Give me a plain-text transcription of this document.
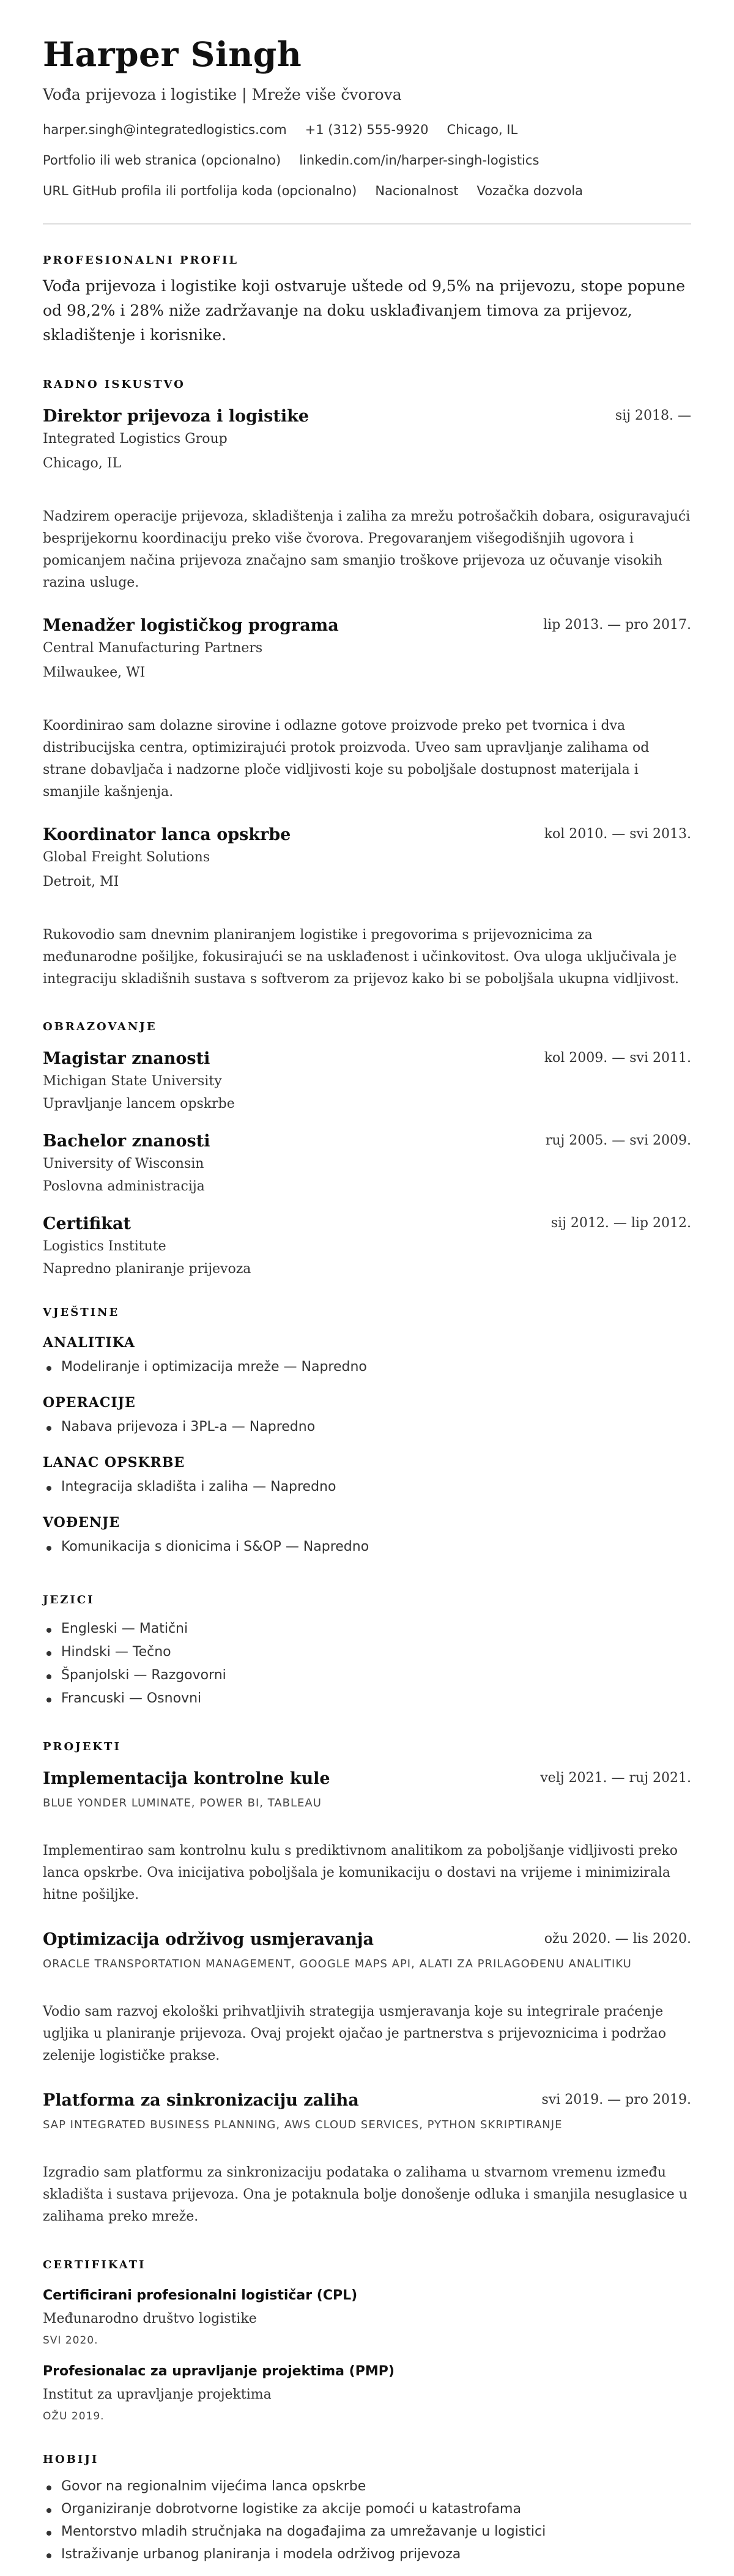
Harper Singh
Vođa prijevoza i logistike | Mreže više čvorova
harper.singh@integratedlogistics.com +1 (312) 555-9920 Chicago, IL
Portfolio ili web stranica (opcionalno) linkedin.com/in/harper-singh-logistics
URL GitHub profila ili portfolija koda (opcionalno) Nacionalnost Vozačka dozvola
PROFESIONALNI PROFIL
Vođa prijevoza i logistike koji ostvaruje uštede od 9,5% na prijevozu, stope popune od 98,2% i 28% niže zadržavanje na doku usklađivanjem timova za prijevoz, skladištenje i korisnike.
RADNO ISKUSTVO
Direktor prijevoza i logistike	sij 2018. —
Integrated Logistics Group
Chicago, IL
Nadzirem operacije prijevoza, skladištenja i zaliha za mrežu potrošačkih dobara, osiguravajući besprijekornu koordinaciju preko više čvorova. Pregovaranjem višegodišnjih ugovora i pomicanjem načina prijevoza značajno sam smanjio troškove prijevoza uz očuvanje visokih razina usluge.
Menadžer logističkog programa	lip 2013. — pro 2017.
Central Manufacturing Partners
Milwaukee, WI
Koordinirao sam dolazne sirovine i odlazne gotove proizvode preko pet tvornica i dva distribucijska centra, optimizirajući protok proizvoda. Uveo sam upravljanje zalihama od strane dobavljača i nadzorne ploče vidljivosti koje su poboljšale dostupnost materijala i smanjile kašnjenja.
Koordinator lanca opskrbe	kol 2010. — svi 2013.
Global Freight Solutions
Detroit, MI
Rukovodio sam dnevnim planiranjem logistike i pregovorima s prijevoznicima za međunarodne pošiljke, fokusirajući se na usklađenost i učinkovitost. Ova uloga uključivala je integraciju skladišnih sustava s softverom za prijevoz kako bi se poboljšala ukupna vidljivost.
OBRAZOVANJE
Magistar znanosti	kol 2009. — svi 2011.
Michigan State University
Upravljanje lancem opskrbe
Bachelor znanosti	ruj 2005. — svi 2009.
University of Wisconsin
Poslovna administracija
Certifikat	sij 2012. — lip 2012.
Logistics Institute
Napredno planiranje prijevoza
VJEŠTINE
ANALITIKA
Modeliranje i optimizacija mreže — Napredno
OPERACIJE
Nabava prijevoza i 3PL-a — Napredno
LANAC OPSKRBE
Integracija skladišta i zaliha — Napredno
VOĐENJE
Komunikacija s dionicima i S&OP — Napredno
JEZICI
Engleski — Matični
Hindski — Tečno
Španjolski — Razgovorni
Francuski — Osnovni
PROJEKTI
Implementacija kontrolne kule	velj 2021. — ruj 2021.
BLUE YONDER LUMINATE, POWER BI, TABLEAU
Implementirao sam kontrolnu kulu s prediktivnom analitikom za poboljšanje vidljivosti preko lanca opskrbe. Ova inicijativa poboljšala je komunikaciju o dostavi na vrijeme i minimizirala hitne pošiljke.
Optimizacija održivog usmjeravanja	ožu 2020. — lis 2020.
ORACLE TRANSPORTATION MANAGEMENT, GOOGLE MAPS API, ALATI ZA PRILAGOĐENU ANALITIKU
Vodio sam razvoj ekološki prihvatljivih strategija usmjeravanja koje su integrirale praćenje ugljika u planiranje prijevoza. Ovaj projekt ojačao je partnerstva s prijevoznicima i podržao zelenije logističke prakse.
Platforma za sinkronizaciju zaliha	svi 2019. — pro 2019.
SAP INTEGRATED BUSINESS PLANNING, AWS CLOUD SERVICES, PYTHON SKRIPTIRANJE
Izgradio sam platformu za sinkronizaciju podataka o zalihama u stvarnom vremenu između skladišta i sustava prijevoza. Ona je potaknula bolje donošenje odluka i smanjila nesuglasice u zalihama preko mreže.
CERTIFIKATI
Certificirani profesionalni logističar (CPL)
Međunarodno društvo logistike
SVI 2020.
Profesionalac za upravljanje projektima (PMP)
Institut za upravljanje projektima
OŽU 2019.
HOBIJI
Govor na regionalnim vijećima lanca opskrbe
Organiziranje dobrotvorne logistike za akcije pomoći u katastrofama
Mentorstvo mladih stručnjaka na događajima za umrežavanje u logistici
Istraživanje urbanog planiranja i modela održivog prijevoza
